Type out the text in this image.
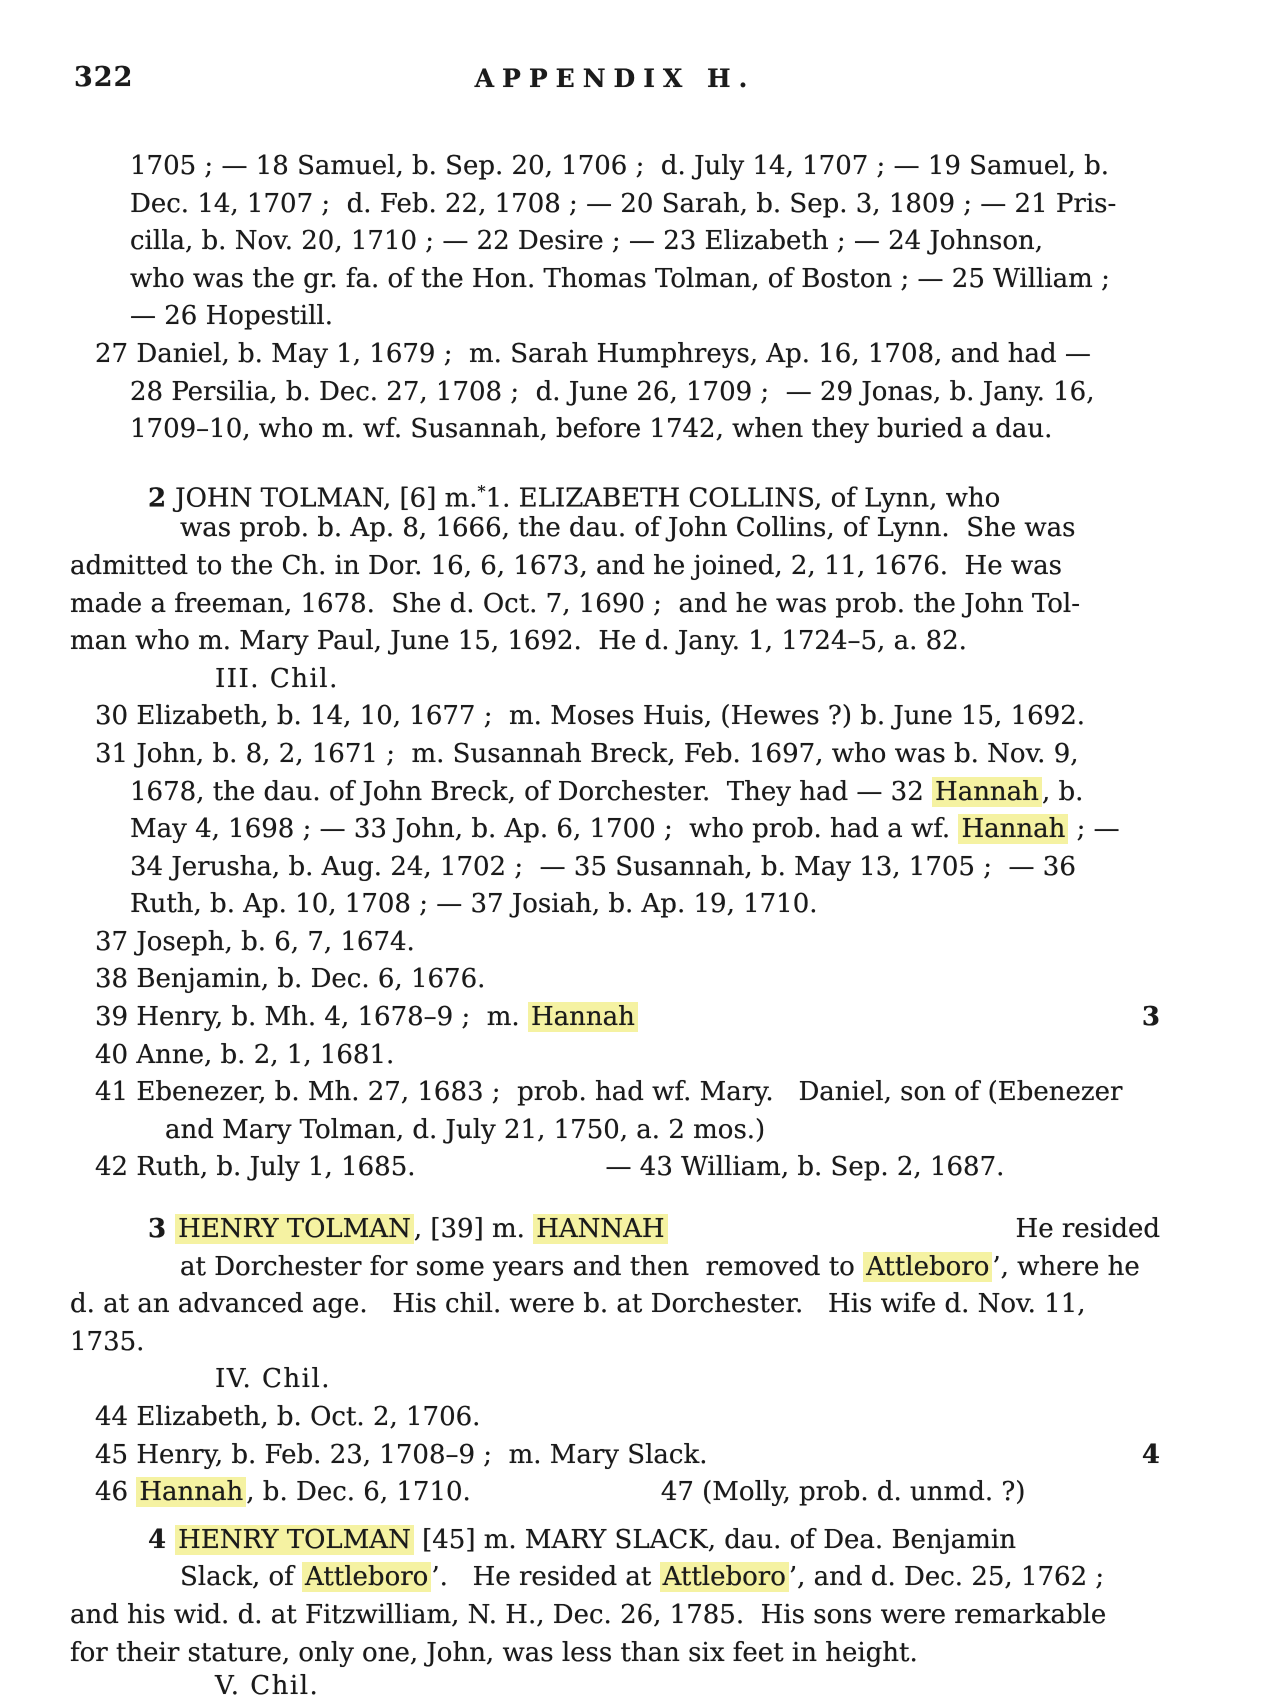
322	APPENDIX H.
1705 ; — 18 Samuel, b. Sep. 20, 1706 ;  d. July 14, 1707 ; — 19 Samuel, b.
Dec. 14, 1707 ;  d. Feb. 22, 1708 ; — 20 Sarah, b. Sep. 3, 1809 ; — 21 Pris-
cilla, b. Nov. 20, 1710 ; — 22 Desire ; — 23 Elizabeth ; — 24 Johnson,
who was the gr. fa. of the Hon. Thomas Tolman, of Boston ; — 25 William ;
— 26 Hopestill.
27 Daniel, b. May 1, 1679 ;  m. Sarah Humphreys, Ap. 16, 1708, and had —
28 Persilia, b. Dec. 27, 1708 ;  d. June 26, 1709 ;  — 29 Jonas, b. Jany. 16,
1709–10, who m. wf. Susannah, before 1742, when they buried a dau.
2 JOHN TOLMAN, [6] m.*1. ELIZABETH COLLINS, of Lynn, who
was prob. b. Ap. 8, 1666, the dau. of John Collins, of Lynn.  She was
admitted to the Ch. in Dor. 16, 6, 1673, and he joined, 2, 11, 1676.  He was
made a freeman, 1678.  She d. Oct. 7, 1690 ;  and he was prob. the John Tol-
man who m. Mary Paul, June 15, 1692.  He d. Jany. 1, 1724–5, a. 82.
III. Chil.
30 Elizabeth, b. 14, 10, 1677 ;  m. Moses Huis, (Hewes ?) b. June 15, 1692.
31 John, b. 8, 2, 1671 ;  m. Susannah Breck, Feb. 1697, who was b. Nov. 9,
1678, the dau. of John Breck, of Dorchester.  They had — 32 Hannah , b.
May 4, 1698 ; — 33 John, b. Ap. 6, 1700 ;  who prob. had a wf. Hannah ; —
34 Jerusha, b. Aug. 24, 1702 ;  — 35 Susannah, b. May 13, 1705 ;  — 36
Ruth, b. Ap. 10, 1708 ; — 37 Josiah, b. Ap. 19, 1710.
37 Joseph, b. 6, 7, 1674.
38 Benjamin, b. Dec. 6, 1676.
39 Henry, b. Mh. 4, 1678–9 ;  m. Hannah	3
40 Anne, b. 2, 1, 1681.
41 Ebenezer, b. Mh. 27, 1683 ;  prob. had wf. Mary.   Daniel, son of (Ebenezer
and Mary Tolman, d. July 21, 1750, a. 2 mos.)
42 Ruth, b. July 1, 1685.	— 43 William, b. Sep. 2, 1687.
3 HENRY TOLMAN , [39] m. HANNAH	He resided
at Dorchester for some years and then  removed to Attleboro ’, where he
d. at an advanced age.   His chil. were b. at Dorchester.   His wife d. Nov. 11,
1735.
IV. Chil.
44 Elizabeth, b. Oct. 2, 1706.
45 Henry, b. Feb. 23, 1708–9 ;  m. Mary Slack.	4
46 Hannah , b. Dec. 6, 1710.	47 (Molly, prob. d. unmd. ?)
4 HENRY TOLMAN [45] m. MARY SLACK, dau. of Dea. Benjamin
Slack, of Attleboro ’.   He resided at Attleboro ’, and d. Dec. 25, 1762 ;
and his wid. d. at Fitzwilliam, N. H., Dec. 26, 1785.  His sons were remarkable
for their stature, only one, John, was less than six feet in height.
V. Chil.
